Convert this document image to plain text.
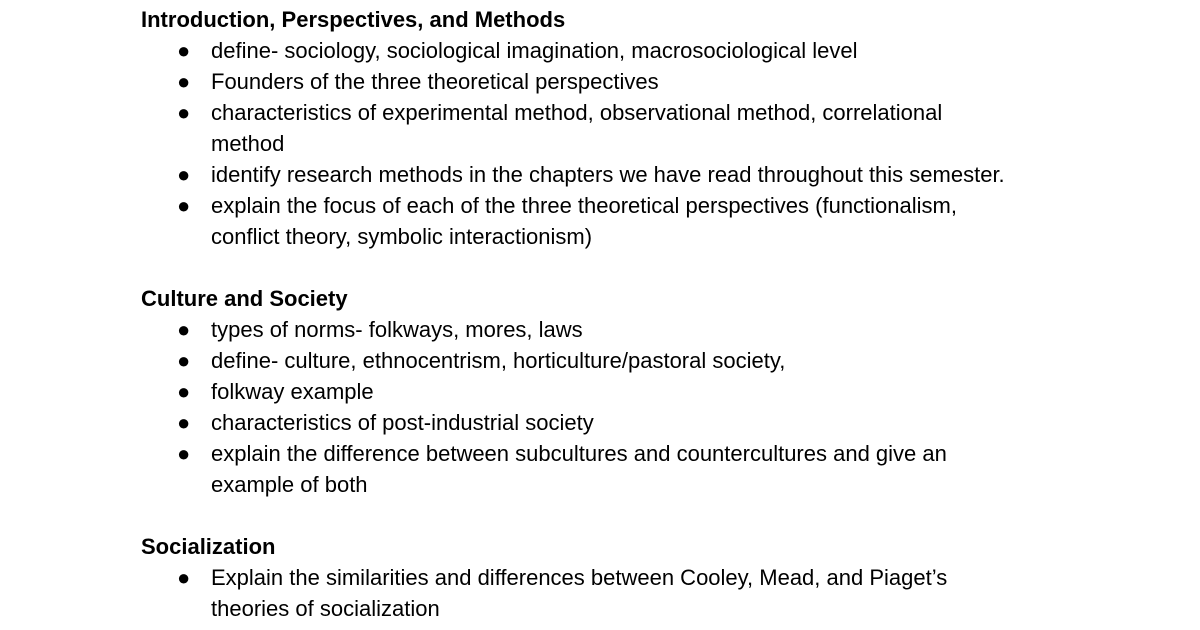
Introduction, Perspectives, and Methods

● define- sociology, sociological imagination, macrosociological level
● Founders of the three theoretical perspectives
● characteristics of experimental method, observational method, correlational method
● identify research methods in the chapters we have read throughout this semester.
● explain the focus of each of the three theoretical perspectives (functionalism, conflict theory, symbolic interactionism)

Culture and Society

● types of norms- folkways, mores, laws
● define- culture, ethnocentrism, horticulture/pastoral society,
● folkway example
● characteristics of post-industrial society
● explain the difference between subcultures and countercultures and give an example of both

Socialization

● Explain the similarities and differences between Cooley, Mead, and Piaget’s theories of socialization
